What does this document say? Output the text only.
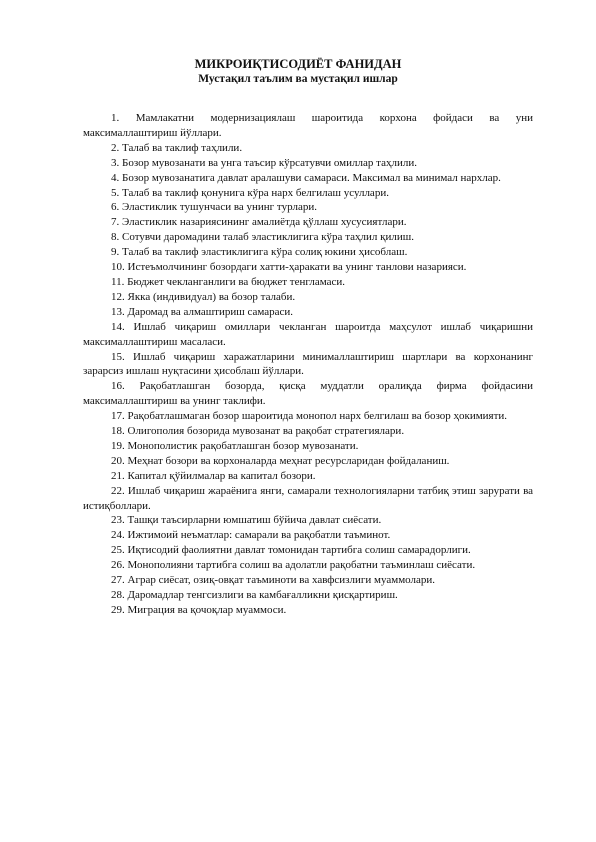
МИКРОИҚТИСОДИЁТ ФАНИДАН
Мустақил таълим ва мустақил ишлар

1. Мамлакатни модернизациялаш шароитида корхона фойдаси ва уни максималлаштириш йўллари.

2. Талаб ва таклиф таҳлили.

3. Бозор мувозанати ва унга таъсир кўрсатувчи омиллар таҳлили.

4. Бозор мувозанатига давлат аралашуви самараси. Максимал ва минимал нархлар.

5. Талаб ва таклиф қонунига кўра нарх белгилаш усуллари.

6. Эластиклик тушунчаси ва унинг турлари.

7. Эластиклик назариясининг амалиётда қўллаш хусусиятлари.

8. Сотувчи даромадини талаб эластиклигига кўра таҳлил қилиш.

9. Талаб ва таклиф эластиклигига кўра солиқ юкини ҳисоблаш.

10. Истеъмолчининг бозордаги хатти-ҳаракати ва унинг танлови назарияси.

11. Бюджет чекланганлиги ва бюджет тенгламаси.

12. Якка (индивидуал) ва бозор талаби.

13. Даромад ва алмаштириш самараси.

14. Ишлаб чиқариш омиллари чекланган шароитда маҳсулот ишлаб чиқаришни максималлаштириш масаласи.

15. Ишлаб чиқариш харажатларини минималлаштириш шартлари ва корхонанинг зарарсиз ишлаш нуқтасини ҳисоблаш йўллари.

16. Рақобатлашган бозорда, қисқа муддатли оралиқда фирма фойдасини максималлаштириш ва унинг таклифи.

17. Рақобатлашмаган бозор шароитида монопол нарх белгилаш ва бозор ҳокимияти.

18. Олигополия бозорида мувозанат ва рақобат стратегиялари.

19. Монополистик рақобатлашган бозор мувозанати.

20. Меҳнат бозори ва корхоналарда меҳнат ресурсларидан фойдаланиш.

21. Капитал қўйилмалар ва капитал бозори.

22. Ишлаб чиқариш жараёнига янги, самарали технологияларни татбиқ этиш зарурати ва истиқболлари.

23. Ташқи таъсирларни юмшатиш бўйича давлат сиёсати.

24. Ижтимоий неъматлар: самарали ва рақобатли таъминот.

25. Иқтисодий фаолиятни давлат томонидан тартибга солиш самарадорлиги.

26. Монополияни тартибга солиш ва адолатли рақобатни таъминлаш сиёсати.

27. Аграр сиёсат, озиқ-овқат таъминоти ва хавфсизлиги муаммолари.

28. Даромадлар тенгсизлиги ва камбағалликни қисқартириш.

29. Миграция ва қочоқлар муаммоси.
